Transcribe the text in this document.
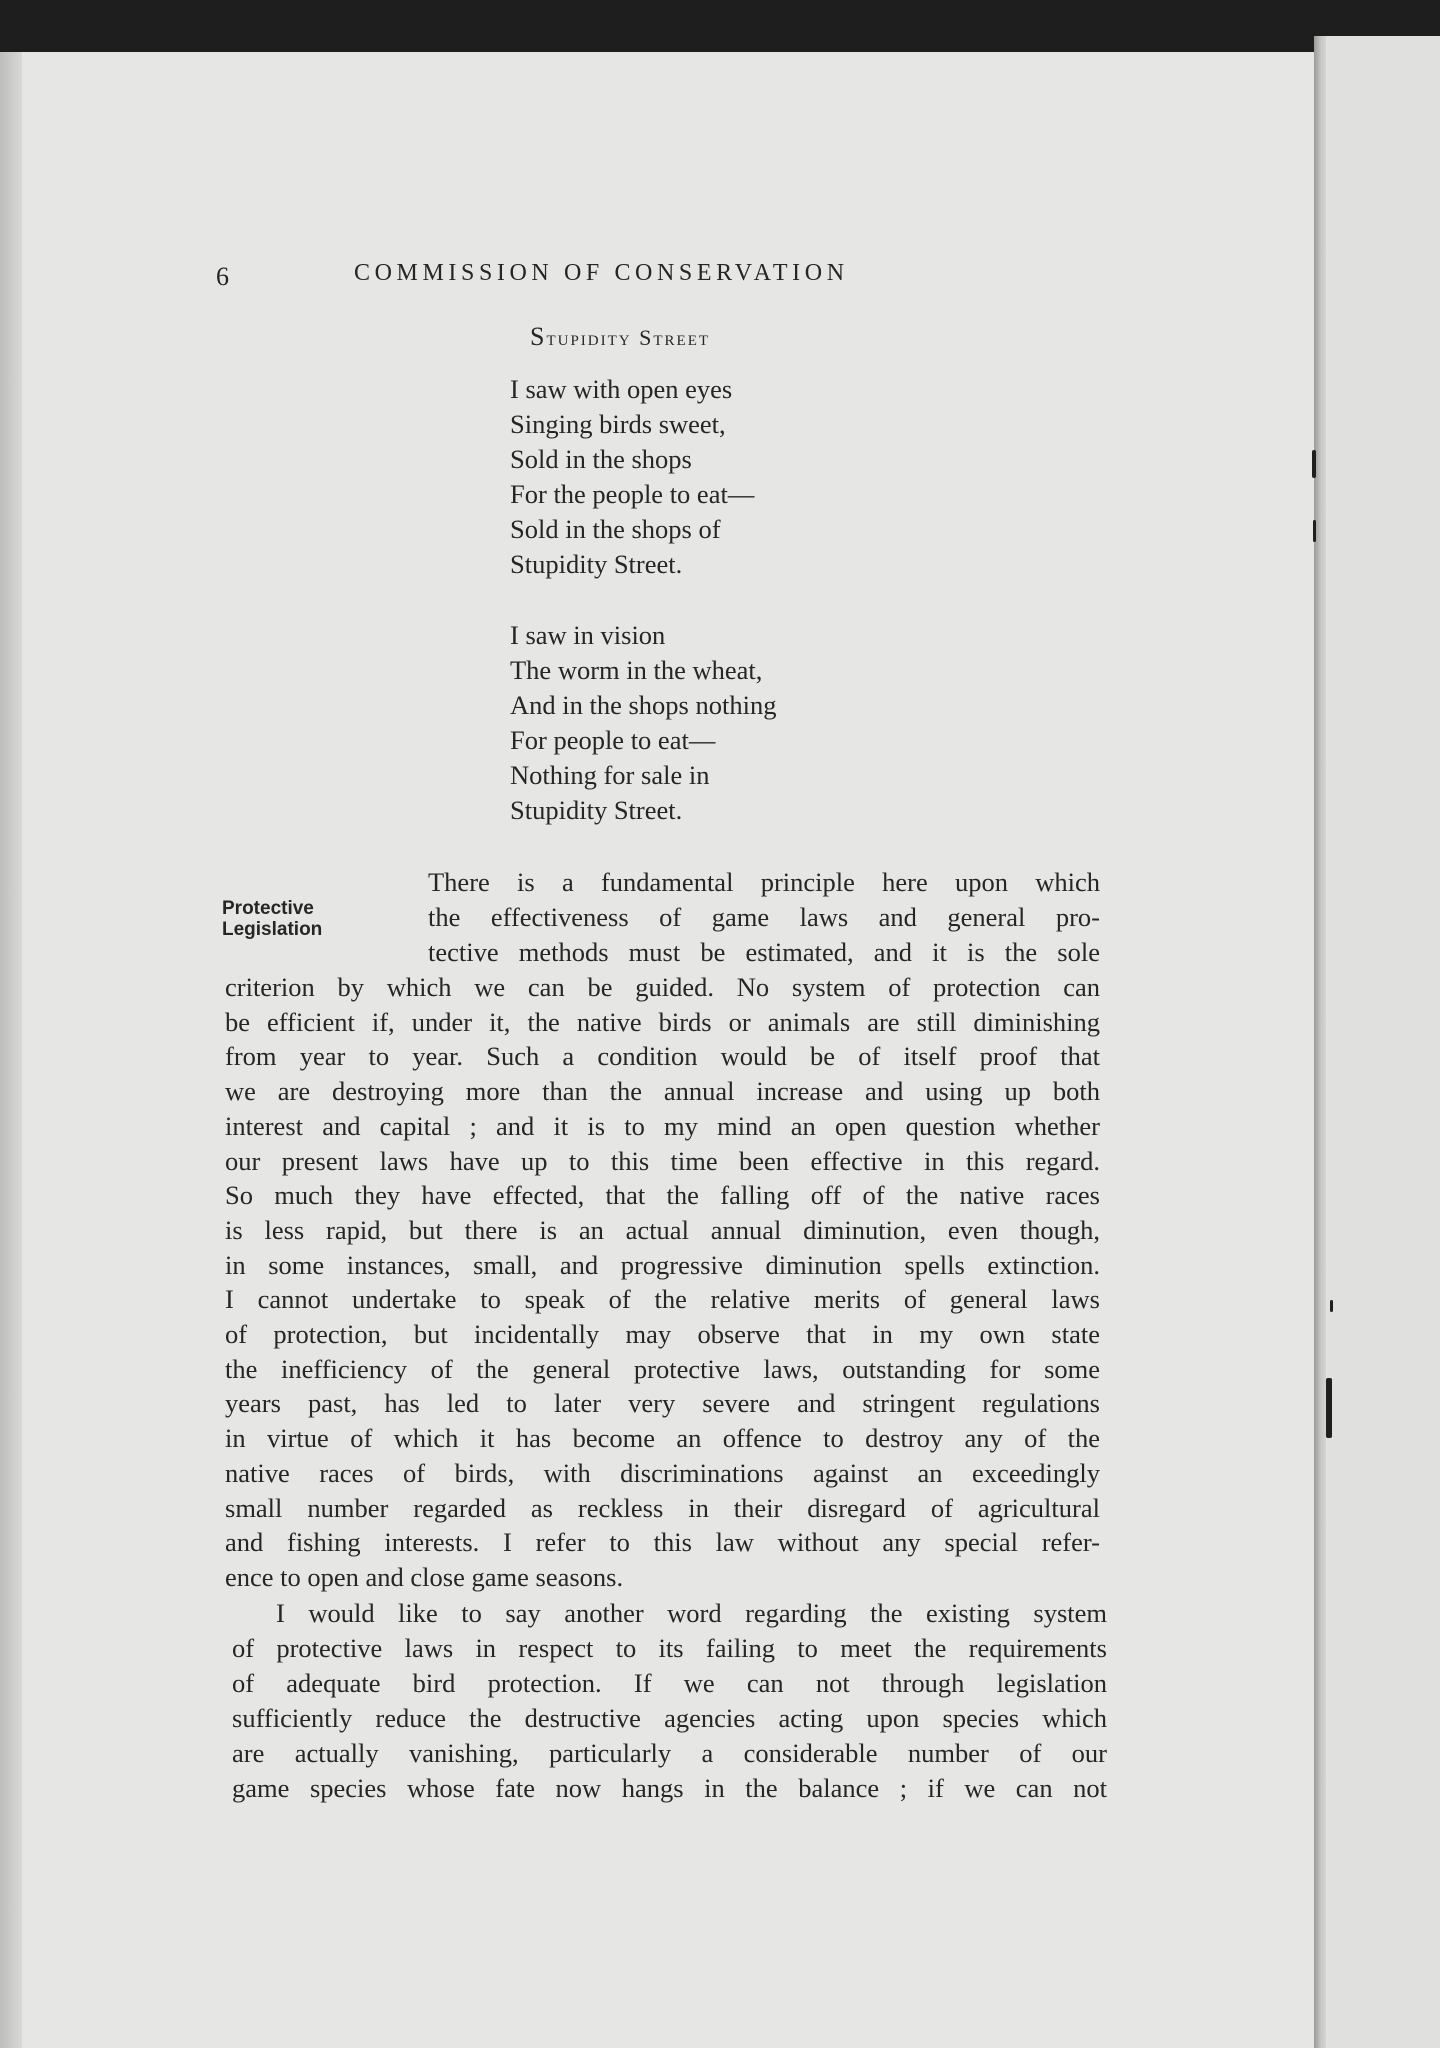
6	COMMISSION OF CONSERVATION
Stupidity Street
I saw with open eyes
Singing birds sweet,
Sold in the shops
For the people to eat—
Sold in the shops of
Stupidity Street.
I saw in vision
The worm in the wheat,
And in the shops nothing
For people to eat—
Nothing for sale in
Stupidity Street.
Protective
Legislation
There is a fundamental principle here upon which
the effectiveness of game laws and general pro-
tective methods must be estimated, and it is the sole
criterion by which we can be guided. No system of protection can
be efficient if, under it, the native birds or animals are still diminishing
from year to year. Such a condition would be of itself proof that
we are destroying more than the annual increase and using up both
interest and capital ; and it is to my mind an open question whether
our present laws have up to this time been effective in this regard.
So much they have effected, that the falling off of the native races
is less rapid, but there is an actual annual diminution, even though,
in some instances, small, and progressive diminution spells extinction.
I cannot undertake to speak of the relative merits of general laws
of protection, but incidentally may observe that in my own state
the inefficiency of the general protective laws, outstanding for some
years past, has led to later very severe and stringent regulations
in virtue of which it has become an offence to destroy any of the
native races of birds, with discriminations against an exceedingly
small number regarded as reckless in their disregard of agricultural
and fishing interests. I refer to this law without any special refer-
ence to open and close game seasons.
I would like to say another word regarding the existing system
of protective laws in respect to its failing to meet the requirements
of adequate bird protection. If we can not through legislation
sufficiently reduce the destructive agencies acting upon species which
are actually vanishing, particularly a considerable number of our
game species whose fate now hangs in the balance ; if we can not
